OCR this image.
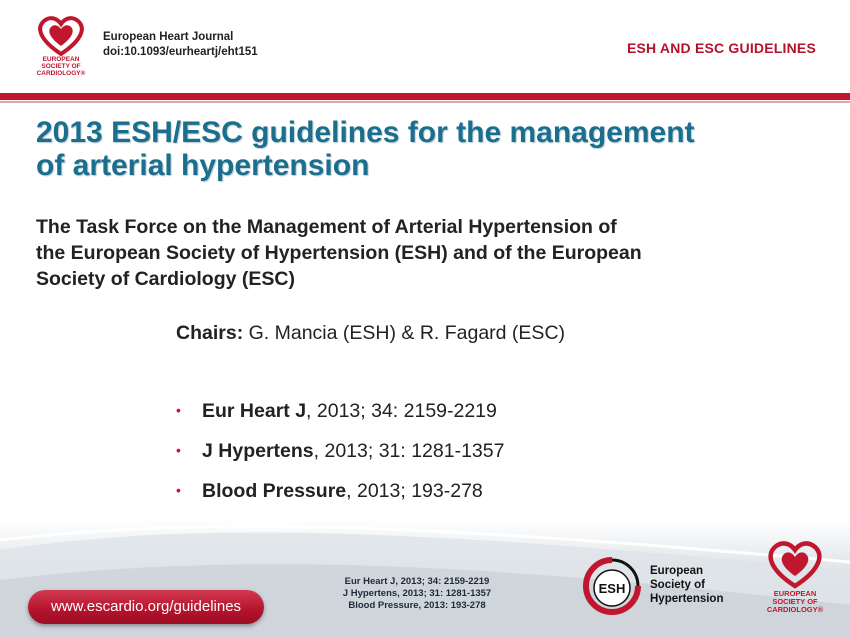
EUROPEAN
SOCIETY OF
CARDIOLOGY®
European Heart Journal
doi:10.1093/eurheartj/eht151	ESH AND ESC GUIDELINES
2013 ESH/ESC guidelines for the management
of arterial hypertension
The Task Force on the Management of Arterial Hypertension of
the European Society of Hypertension (ESH) and of the European
Society of Cardiology (ESC)
Chairs: G. Mancia (ESH) & R. Fagard (ESC)
• Eur Heart J, 2013; 34: 2159-2219
• J Hypertens, 2013; 31: 1281-1357
• Blood Pressure, 2013; 193-278
www.escardio.org/guidelines
Eur Heart J, 2013; 34: 2159-2219
J Hypertens, 2013; 31: 1281-1357
Blood Pressure, 2013: 193-278
ESH
European
Society of
Hypertension	EUROPEAN
SOCIETY OF
CARDIOLOGY®
